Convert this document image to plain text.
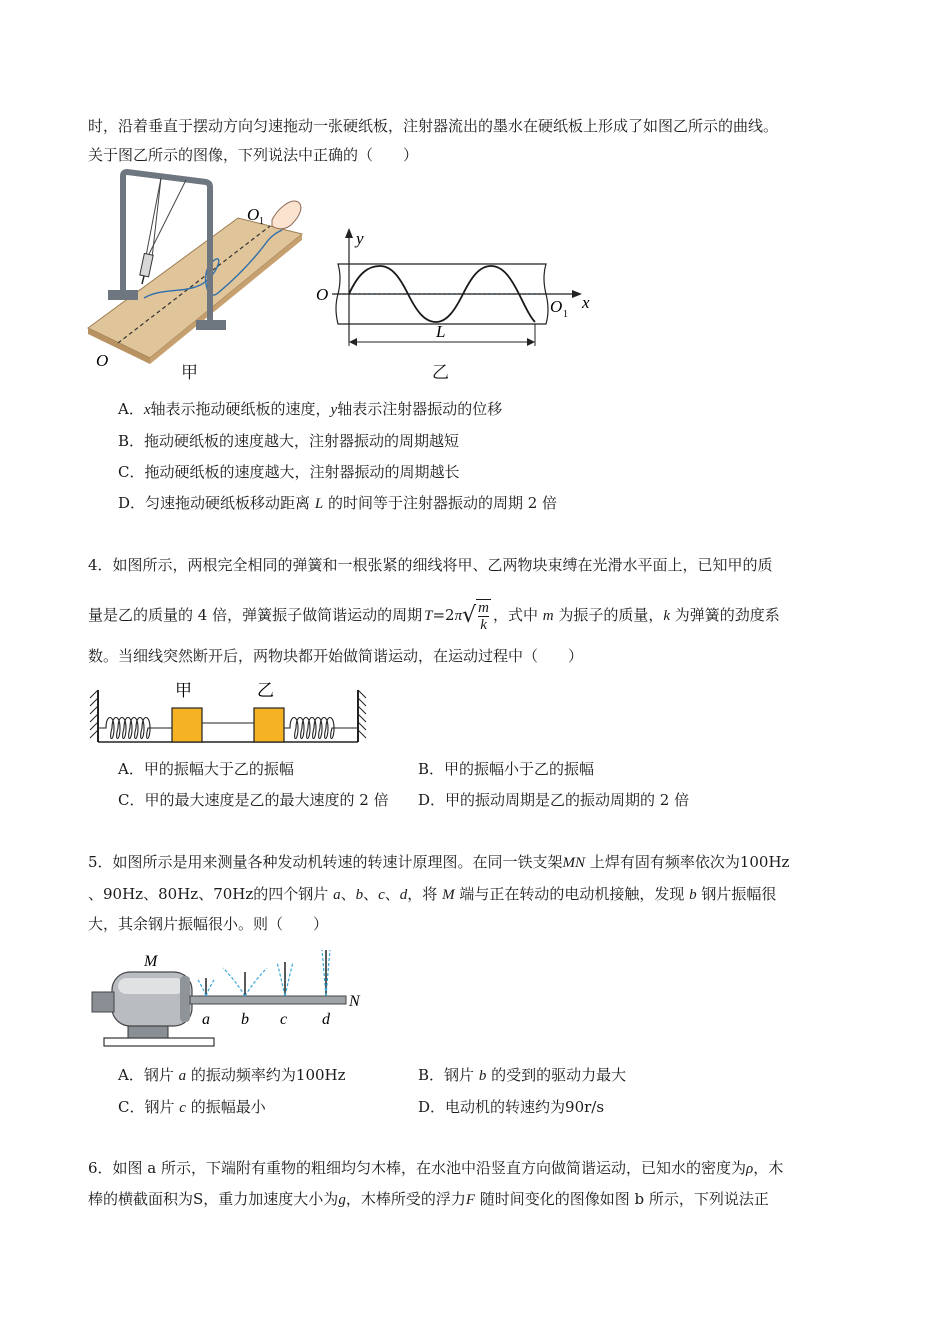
时，沿着垂直于摆动方向匀速拖动一张硬纸板，注射器流出的墨水在硬纸板上形成了如图乙所示的曲线。
关于图乙所示的图像，下列说法中正确的（　　）
O 1
O
甲
y
x
O
O 1
L
乙
A．x轴表示拖动硬纸板的速度，y轴表示注射器振动的位移
B．拖动硬纸板的速度越大，注射器振动的周期越短
C．拖动硬纸板的速度越大，注射器振动的周期越长
D．匀速拖动硬纸板移动距离 L 的时间等于注射器振动的周期 2 倍
4．如图所示，两根完全相同的弹簧和一根张紧的细线将甲、乙两物块束缚在光滑水平面上，已知甲的质
量是乙的质量的 4 倍，弹簧振子做简谐运动的周期 $T=2\pi√ \frac{m}{k}$ ，式中 m 为振子的质量，k 为弹簧的劲度系
数。当细线突然断开后，两物块都开始做简谐运动，在运动过程中（　　）
甲	乙
A．甲的振幅大于乙的振幅	B．甲的振幅小于乙的振幅
C．甲的最大速度是乙的最大速度的 2 倍 D．甲的振动周期是乙的振动周期的 2 倍
5．如图所示是用来测量各种发动机转速的转速计原理图。在同一铁支架MN 上焊有固有频率依次为100Hz
、90Hz、80Hz、70Hz的四个钢片 a、b、c、d，将 M 端与正在转动的电动机接触，发现 b 钢片振幅很
大，其余钢片振幅很小。则（　　）
M
N
a b c d
A．钢片 a 的振动频率约为100Hz	B．钢片 b 的受到的驱动力最大
C．钢片 c 的振幅最小	D．电动机的转速约为90r/s
6．如图 a 所示，下端附有重物的粗细均匀木棒，在水池中沿竖直方向做简谐运动，已知水的密度为ρ，木
棒的横截面积为S，重力加速度大小为g，木棒所受的浮力F 随时间变化的图像如图 b 所示，下列说法正
